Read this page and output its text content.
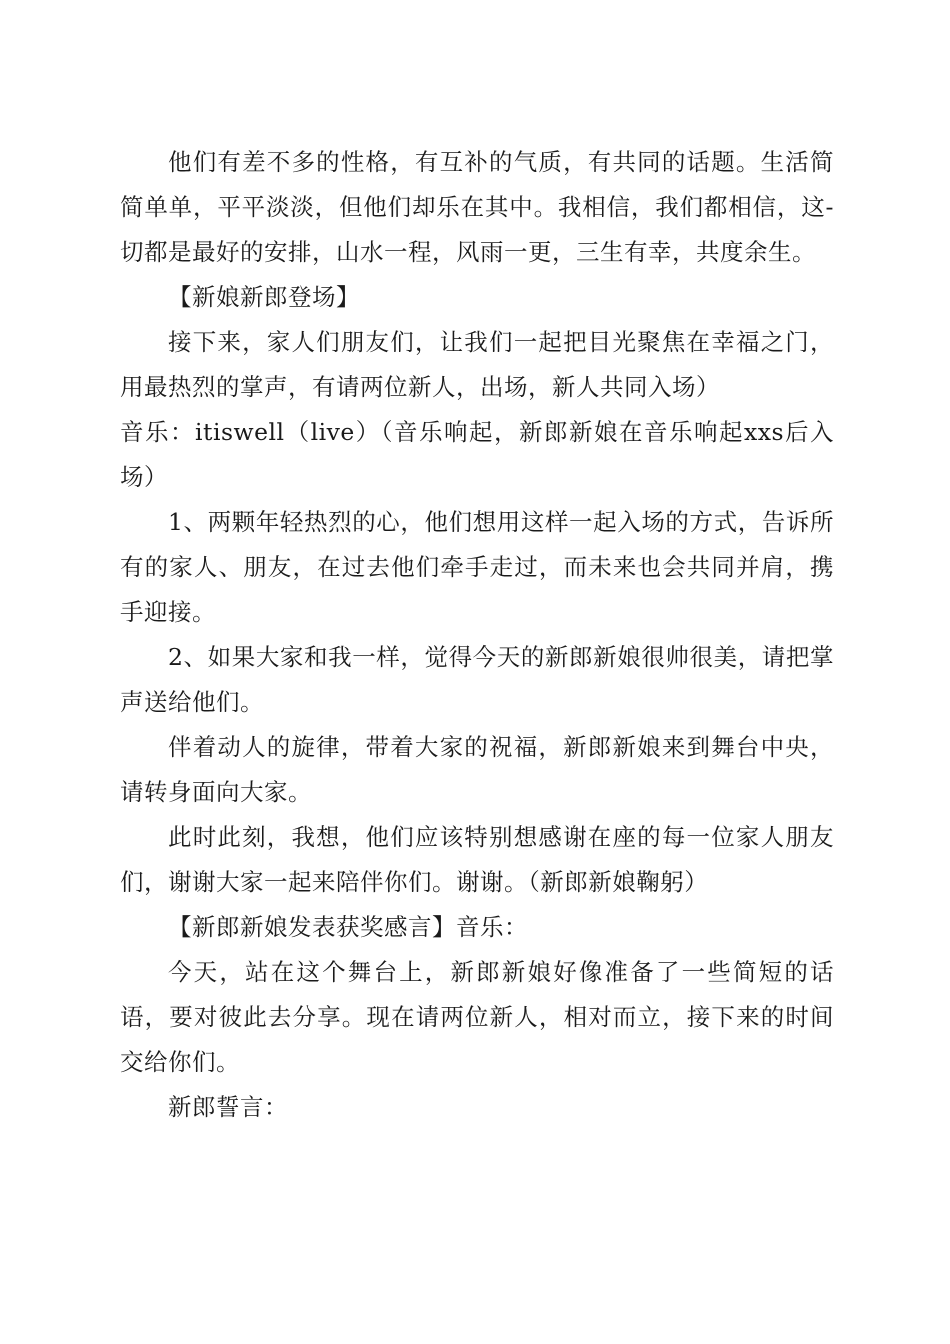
他们有差不多的性格，有互补的气质，有共同的话题。生活简简单单，平平淡淡，但他们却乐在其中。我相信，我们都相信，这-切都是最好的安排，山水一程，风雨一更，三生有幸，共度余生。

【新娘新郎登场】

接下来，家人们朋友们，让我们一起把目光聚焦在幸福之门，用最热烈的掌声，有请两位新人，出场，新人共同入场）

音乐：itiswell（live）（音乐响起，新郎新娘在音乐响起xxs后入场）

1、两颗年轻热烈的心，他们想用这样一起入场的方式，告诉所有的家人、朋友，在过去他们牵手走过，而未来也会共同并肩，携手迎接。

2、如果大家和我一样，觉得今天的新郎新娘很帅很美，请把掌声送给他们。

伴着动人的旋律，带着大家的祝福，新郎新娘来到舞台中央，请转身面向大家。

此时此刻，我想，他们应该特别想感谢在座的每一位家人朋友们，谢谢大家一起来陪伴你们。谢谢。（新郎新娘鞠躬）

【新郎新娘发表获奖感言】音乐：

今天，站在这个舞台上，新郎新娘好像准备了一些简短的话语，要对彼此去分享。现在请两位新人，相对而立，接下来的时间交给你们。

新郎誓言：
